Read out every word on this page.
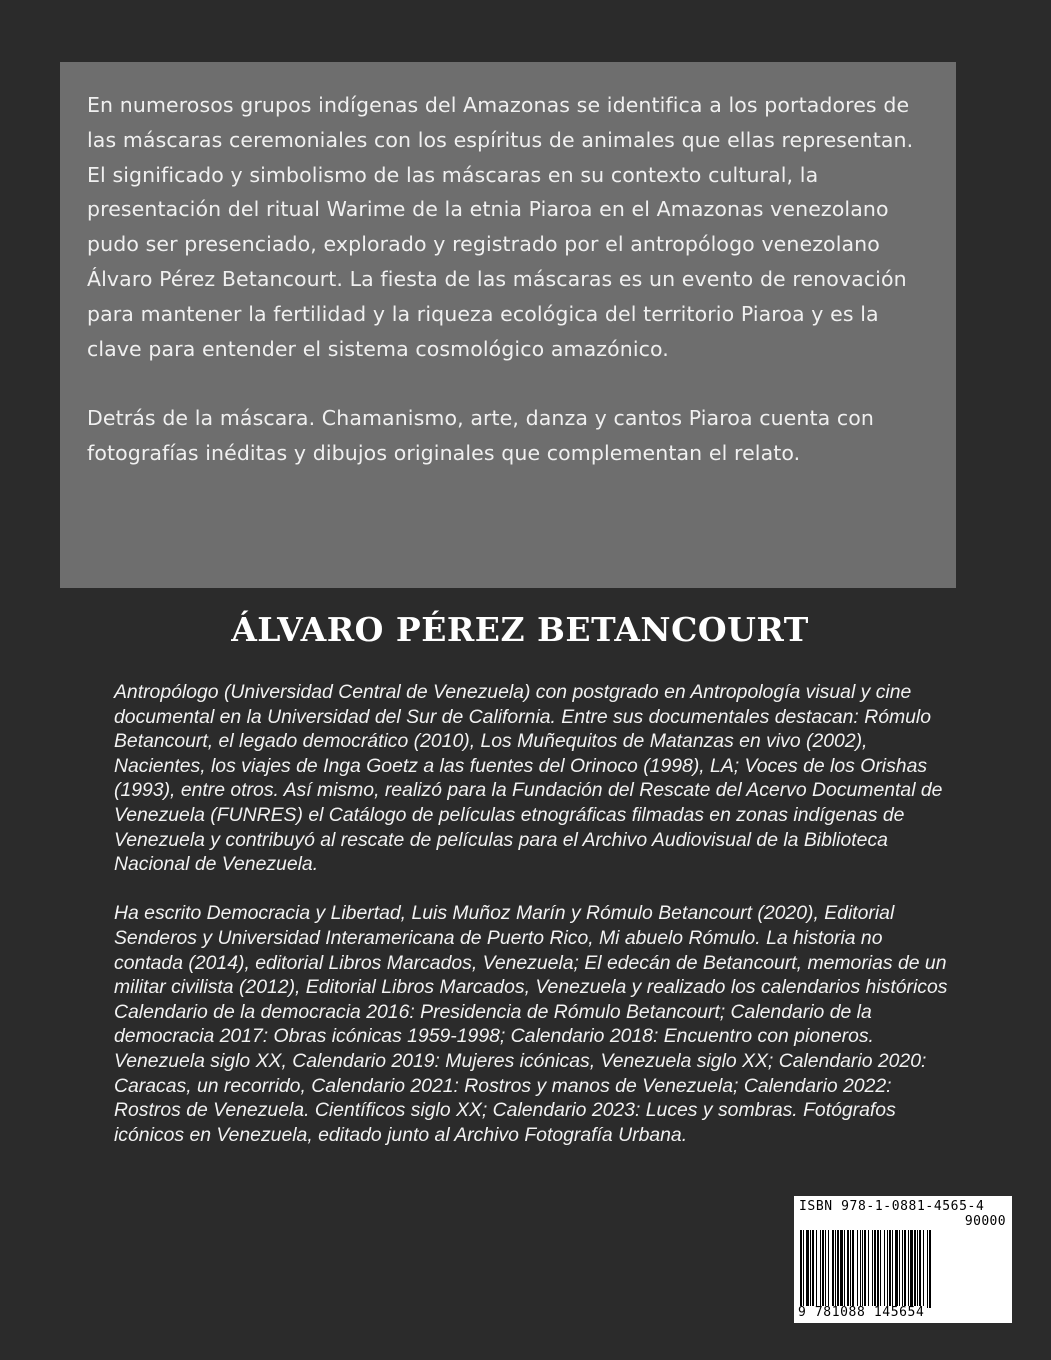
En numerosos grupos indígenas del Amazonas se identifica a los portadores de las máscaras ceremoniales con los espíritus de animales que ellas representan. El significado y simbolismo de las máscaras en su contexto cultural, la presentación del ritual Warime de la etnia Piaroa en el Amazonas venezolano pudo ser presenciado, explorado y registrado por el antropólogo venezolano Álvaro Pérez Betancourt. La fiesta de las máscaras es un evento de renovación para mantener la fertilidad y la riqueza ecológica del territorio Piaroa y es la clave para entender el sistema cosmológico amazónico.

Detrás de la máscara. Chamanismo, arte, danza y cantos Piaroa cuenta con fotografías inéditas y dibujos originales que complementan el relato.

ÁLVARO PÉREZ BETANCOURT

Antropólogo (Universidad Central de Venezuela) con postgrado en Antropología visual y cine documental en la Universidad del Sur de California. Entre sus documentales destacan: Rómulo Betancourt, el legado democrático (2010), Los Muñequitos de Matanzas en vivo (2002), Nacientes, los viajes de Inga Goetz a las fuentes del Orinoco (1998), LA; Voces de los Orishas (1993), entre otros. Así mismo, realizó para la Fundación del Rescate del Acervo Documental de Venezuela (FUNRES) el Catálogo de películas etnográficas filmadas en zonas indígenas de Venezuela y contribuyó al rescate de películas para el Archivo Audiovisual de la Biblioteca Nacional de Venezuela.

Ha escrito Democracia y Libertad, Luis Muñoz Marín y Rómulo Betancourt (2020), Editorial Senderos y Universidad Interamericana de Puerto Rico, Mi abuelo Rómulo. La historia no contada (2014), editorial Libros Marcados, Venezuela; El edecán de Betancourt, memorias de un militar civilista (2012), Editorial Libros Marcados, Venezuela y realizado los calendarios históricos Calendario de la democracia 2016: Presidencia de Rómulo Betancourt; Calendario de la democracia 2017: Obras icónicas 1959-1998; Calendario 2018: Encuentro con pioneros. Venezuela siglo XX, Calendario 2019: Mujeres icónicas, Venezuela siglo XX; Calendario 2020: Caracas, un recorrido, Calendario 2021: Rostros y manos de Venezuela; Calendario 2022: Rostros de Venezuela. Científicos siglo XX; Calendario 2023: Luces y sombras. Fotógrafos icónicos en Venezuela, editado junto al Archivo Fotografía Urbana.

ISBN 978-1-0881-4565-4
90000
9 781088 145654
